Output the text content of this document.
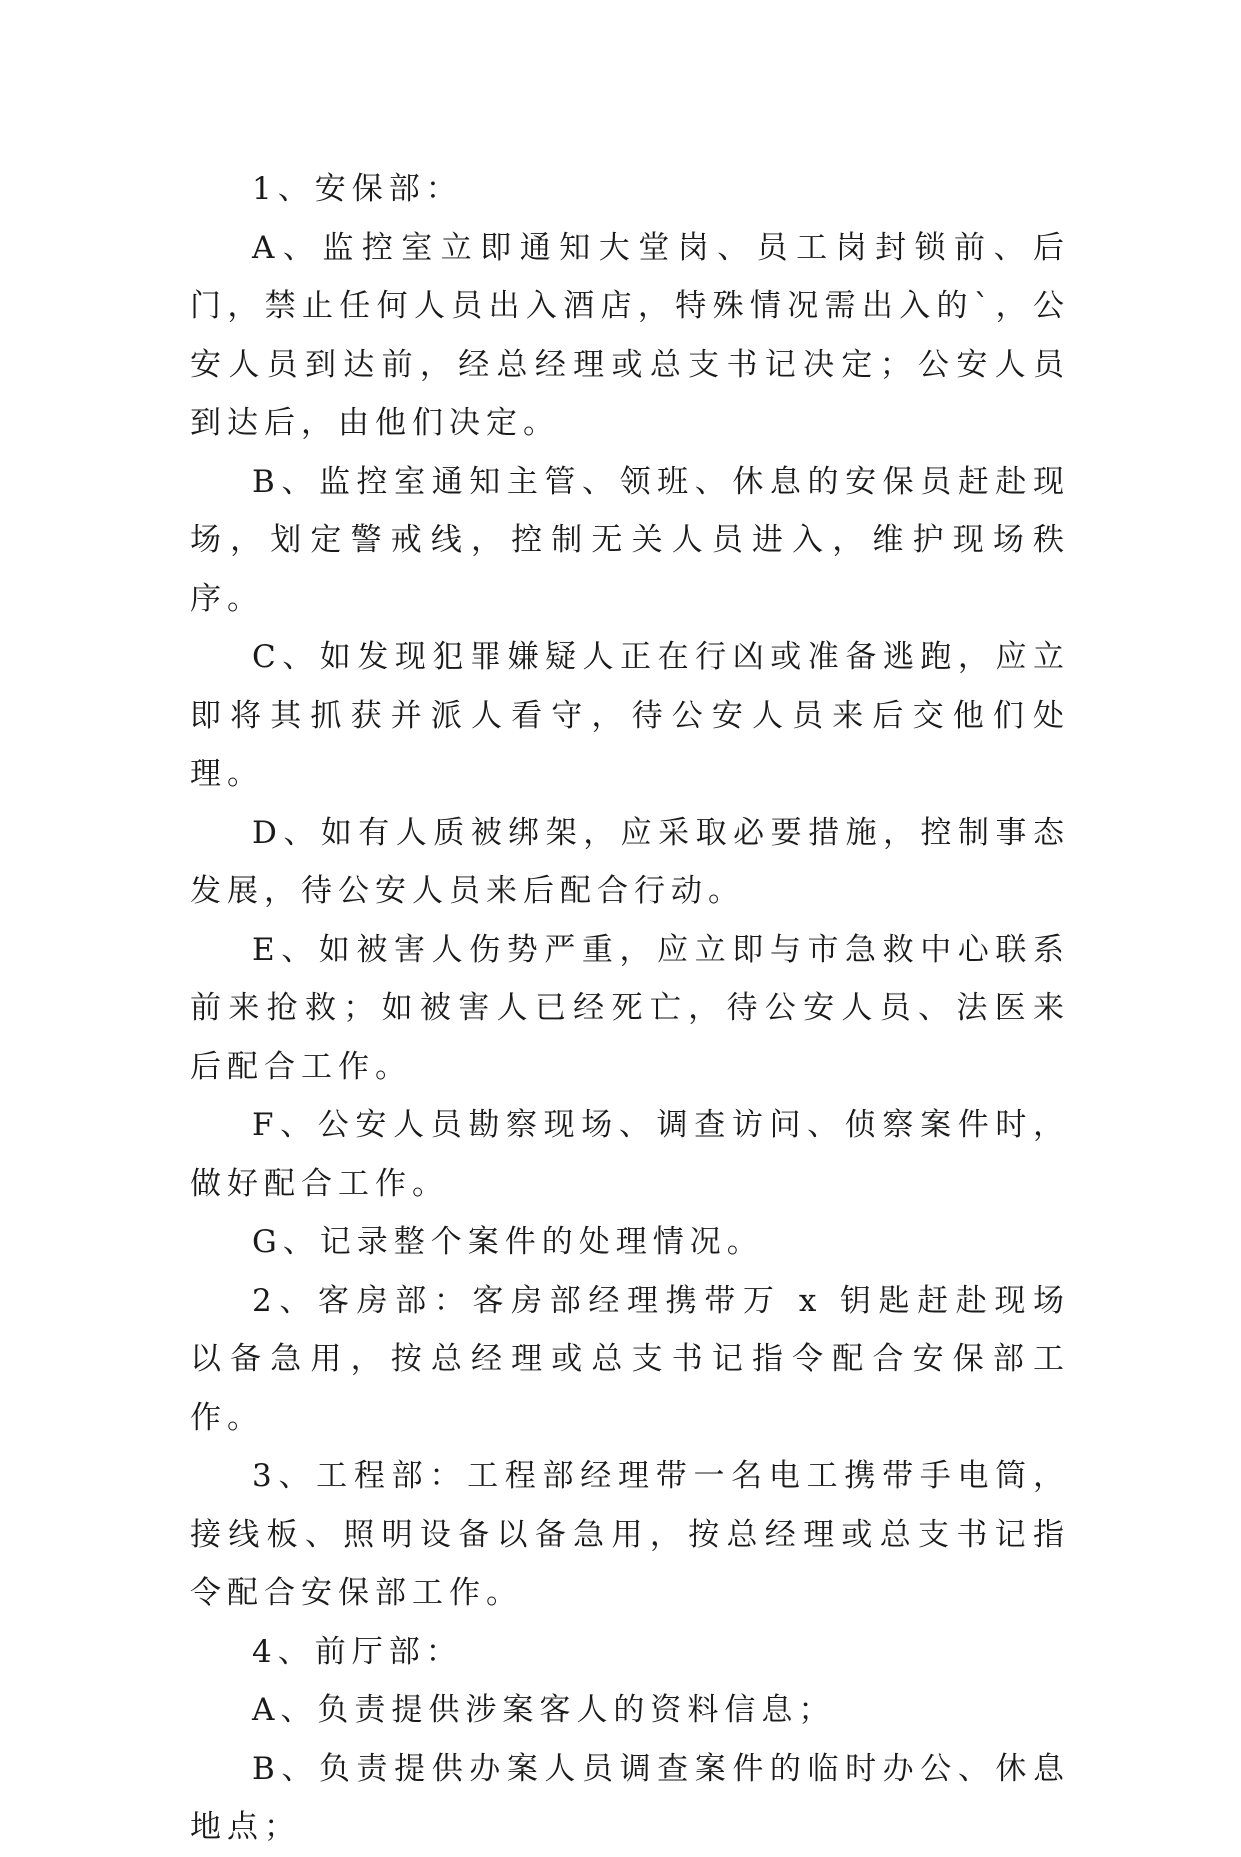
1、安保部：

A、监控室立即通知大堂岗、员工岗封锁前、后门，禁止任何人员出入酒店，特殊情况需出入的`，公安人员到达前，经总经理或总支书记决定；公安人员到达后，由他们决定。

B、监控室通知主管、领班、休息的安保员赶赴现场，划定警戒线，控制无关人员进入，维护现场秩序。

C、如发现犯罪嫌疑人正在行凶或准备逃跑，应立即将其抓获并派人看守，待公安人员来后交他们处理。

D、如有人质被绑架，应采取必要措施，控制事态发展，待公安人员来后配合行动。

E、如被害人伤势严重，应立即与市急救中心联系前来抢救；如被害人已经死亡，待公安人员、法医来后配合工作。

F、公安人员勘察现场、调查访问、侦察案件时，做好配合工作。

G、记录整个案件的处理情况。

2、客房部：客房部经理携带万 x 钥匙赶赴现场以备急用，按总经理或总支书记指令配合安保部工作。

3、工程部：工程部经理带一名电工携带手电筒，接线板、照明设备以备急用，按总经理或总支书记指令配合安保部工作。

4、前厅部：

A、负责提供涉案客人的资料信息；

B、负责提供办案人员调查案件的临时办公、休息地点；
